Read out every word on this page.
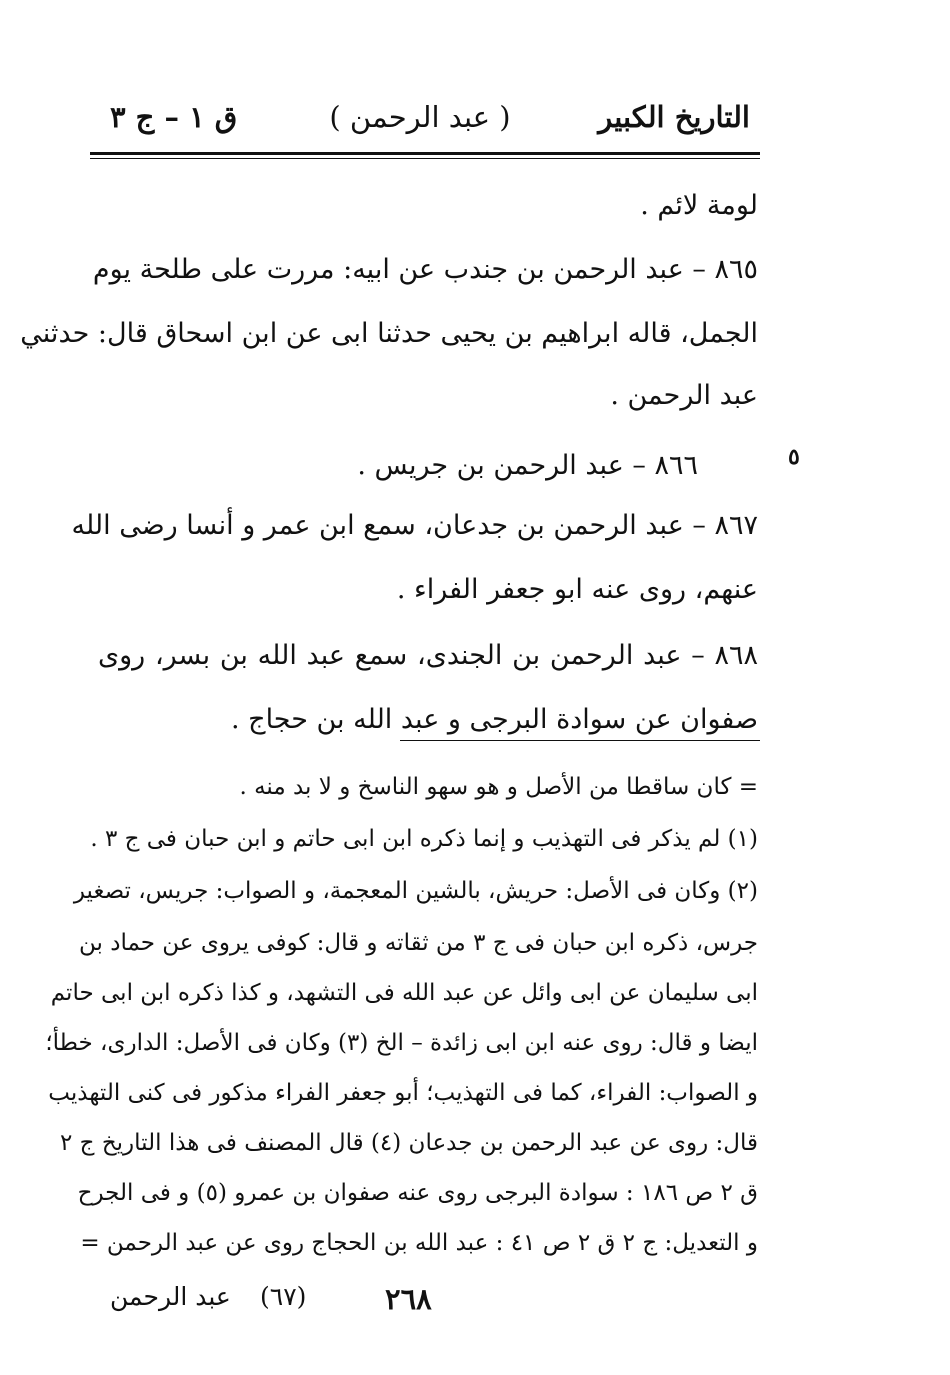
التاريخ الكبير
( عبد الرحمن )
ق ١ – ج ٣
٥
لومة لائم .
٨٦٥ – عبد الرحمن بن جندب عن ابيه: مررت على طلحة يوم
الجمل، قاله ابراهيم بن يحيى حدثنا ابى عن ابن اسحاق قال: حدثني
عبد الرحمن .
٨٦٦ – عبد الرحمن بن جريس .
٨٦٧ – عبد الرحمن بن جدعان، سمع ابن عمر و أنسا رضى الله
عنهم، روى عنه ابو جعفر الفراء .
٨٦٨ – عبد الرحمن بن الجندى، سمع عبد الله بن بسر، روى
صفوان عن سوادة البرجى و عبد الله بن حجاج .
= كان ساقطا من الأصل و هو سهو الناسخ و لا بد منه .
(١) لم يذكر فى التهذيب و إنما ذكره ابن ابى حاتم و ابن حبان فى ج ٣ .
(٢) وكان فى الأصل: حريش، بالشين المعجمة، و الصواب: جريس، تصغير
جرس، ذكره ابن حبان فى ج ٣ من ثقاته و قال: كوفى يروى عن حماد بن
ابى سليمان عن ابى وائل عن عبد الله فى التشهد، و كذا ذكره ابن ابى حاتم
ايضا و قال: روى عنه ابن ابى زائدة – الخ (٣) وكان فى الأصل: الدارى، خطأ؛
و الصواب: الفراء، كما فى التهذيب؛ أبو جعفر الفراء مذكور فى كنى التهذيب
قال: روى عن عبد الرحمن بن جدعان (٤) قال المصنف فى هذا التاريخ ج ٢
ق ٢ ص ١٨٦ : سوادة البرجى روى عنه صفوان بن عمرو (٥) و فى الجرح
و التعديل: ج ٢ ق ٢ ص ٤١ : عبد الله بن الحجاج روى عن عبد الرحمن =
عبد الرحمن (٦٧)	٢٦٨
